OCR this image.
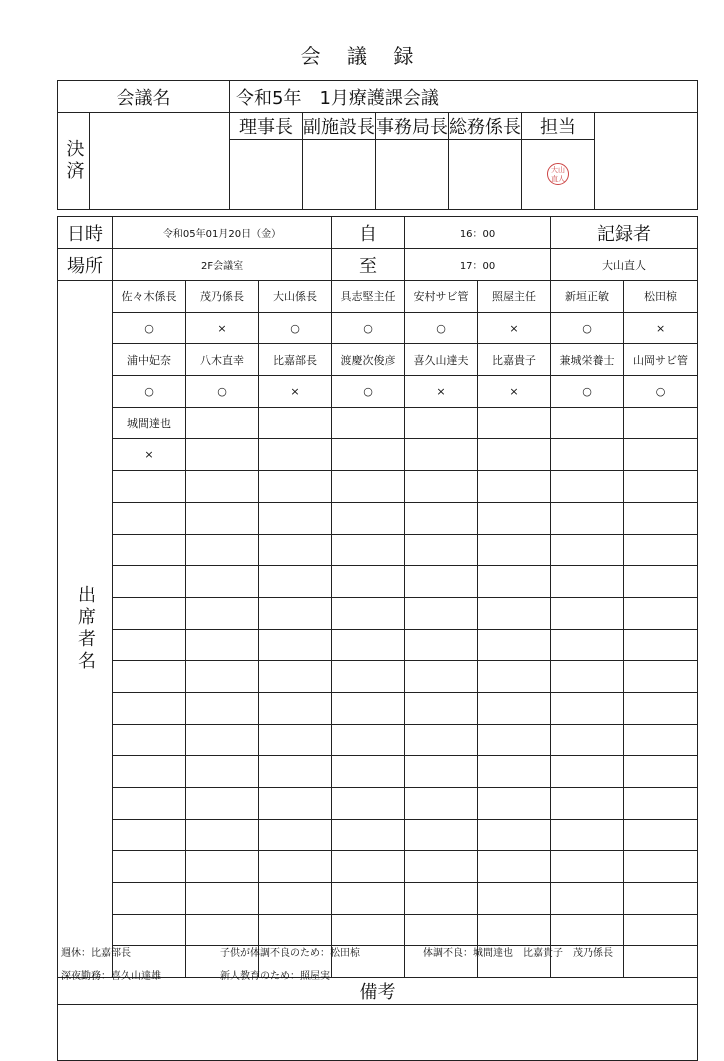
会 議 録
会議名		令和5年　1月療護課会議					
決済		理事長	副施設長	事務局長	総務係長	担当	
						大山直人	
日時	令和05年01月20日（金）			自	16：00		記録者	
場所	2F会議室			至	17：00		大山直人	
出席者名	佐々木係長	茂乃係長	大山係長	具志堅主任	安村サビ管	照屋主任	新垣正敏	松田椋
	○	×	○	○	○	×	○	×
	浦中妃奈	八木直幸	比嘉部長	渡慶次俊彦	喜久山達夫	比嘉貴子	兼城栄養士	山岡サビ管
	○	○	×	○	×	×	○	○
	城間達也							
	×							

備考								

週休：比嘉部長	子供が体調不良のため：松田椋	体調不良：城間達也　比嘉貴子　茂乃係長
深夜勤務：喜久山達雄	新人教育のため：照屋実
